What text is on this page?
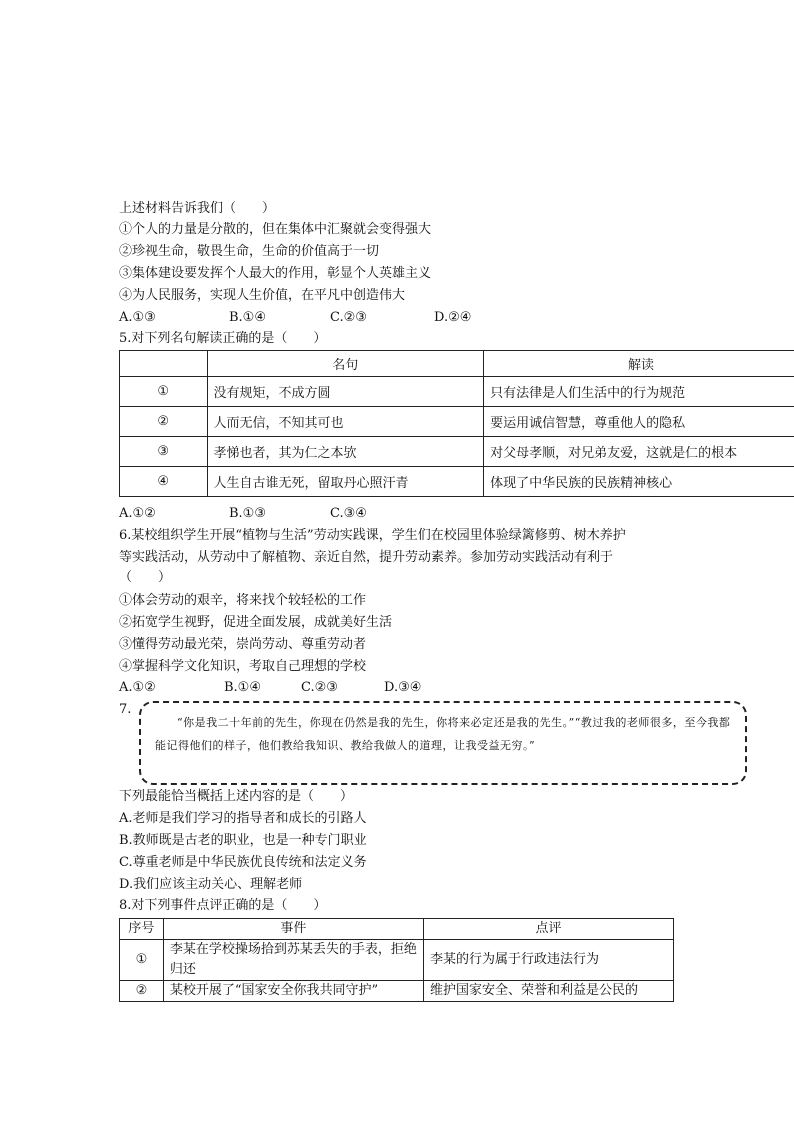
上述材料告诉我们（　　）
①个人的力量是分散的，但在集体中汇聚就会变得强大
②珍视生命，敬畏生命，生命的价值高于一切
③集体建设要发挥个人最大的作用，彰显个人英雄主义
④为人民服务，实现人生价值，在平凡中创造伟大
A.①③	B.①④	C.②③	D.②④
5.对下列名句解读正确的是（　　）
	名句	解读
①	没有规矩，不成方圆	只有法律是人们生活中的行为规范
②	人而无信，不知其可也	要运用诚信智慧，尊重他人的隐私
③	孝悌也者，其为仁之本欤	对父母孝顺，对兄弟友爱，这就是仁的根本
④	人生自古谁无死，留取丹心照汗青	体现了中华民族的民族精神核心
A.①②	B.①③	C.③④
6.某校组织学生开展“植物与生活”劳动实践课，学生们在校园里体验绿篱修剪、树木养护
等实践活动，从劳动中了解植物、亲近自然，提升劳动素养。参加劳动实践活动有利于
（　　）
①体会劳动的艰辛，将来找个较轻松的工作
②拓宽学生视野，促进全面发展，成就美好生活
③懂得劳动最光荣，崇尚劳动、尊重劳动者
④掌握科学文化知识，考取自己理想的学校
A.①②	B.①④	C.②③	D.③④
7.
“你是我二十年前的先生，你现在仍然是我的先生，你将来必定还是我的先生。”“教过我的老师很多，至今我都能记得他们的样子，他们教给我知识、教给我做人的道理，让我受益无穷。”
下列最能恰当概括上述内容的是（　　）
A.老师是我们学习的指导者和成长的引路人
B.教师既是古老的职业，也是一种专门职业
C.尊重老师是中华民族优良传统和法定义务
D.我们应该主动关心、理解老师
8.对下列事件点评正确的是（　　）
序号	事件	点评
①	李某在学校操场拾到苏某丢失的手表，拒绝归还	李某的行为属于行政违法行为
②	某校开展了“国家安全你我共同守护”	维护国家安全、荣誉和利益是公民的
